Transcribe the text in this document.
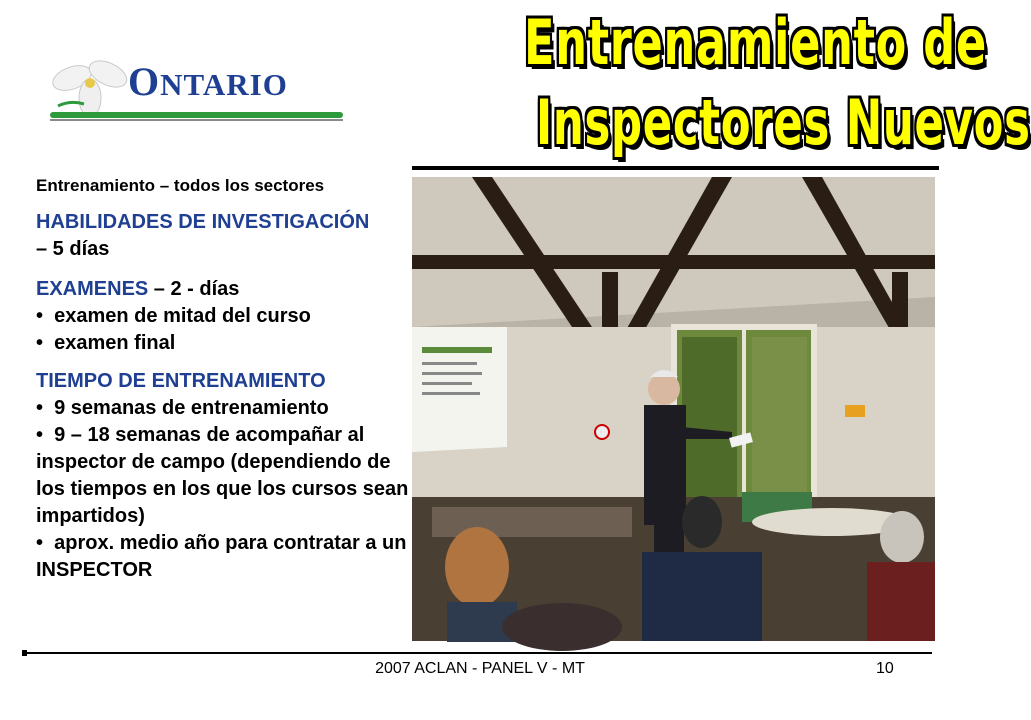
ONTARIO
Entrenamiento de
Inspectores Nuevos
Entrenamiento – todos los sectores
HABILIDADES DE INVESTIGACIÓN
– 5 días
EXAMENES – 2 - días
•  examen de mitad del curso
•  examen final
TIEMPO DE ENTRENAMIENTO
•  9 semanas de entrenamiento
•  9 – 18 semanas de acompañar al inspector de campo (dependiendo de los tiempos en los que los cursos sean impartidos)
•  aprox. medio año para contratar a un INSPECTOR
2007 ACLAN - PANEL V - MT	10
